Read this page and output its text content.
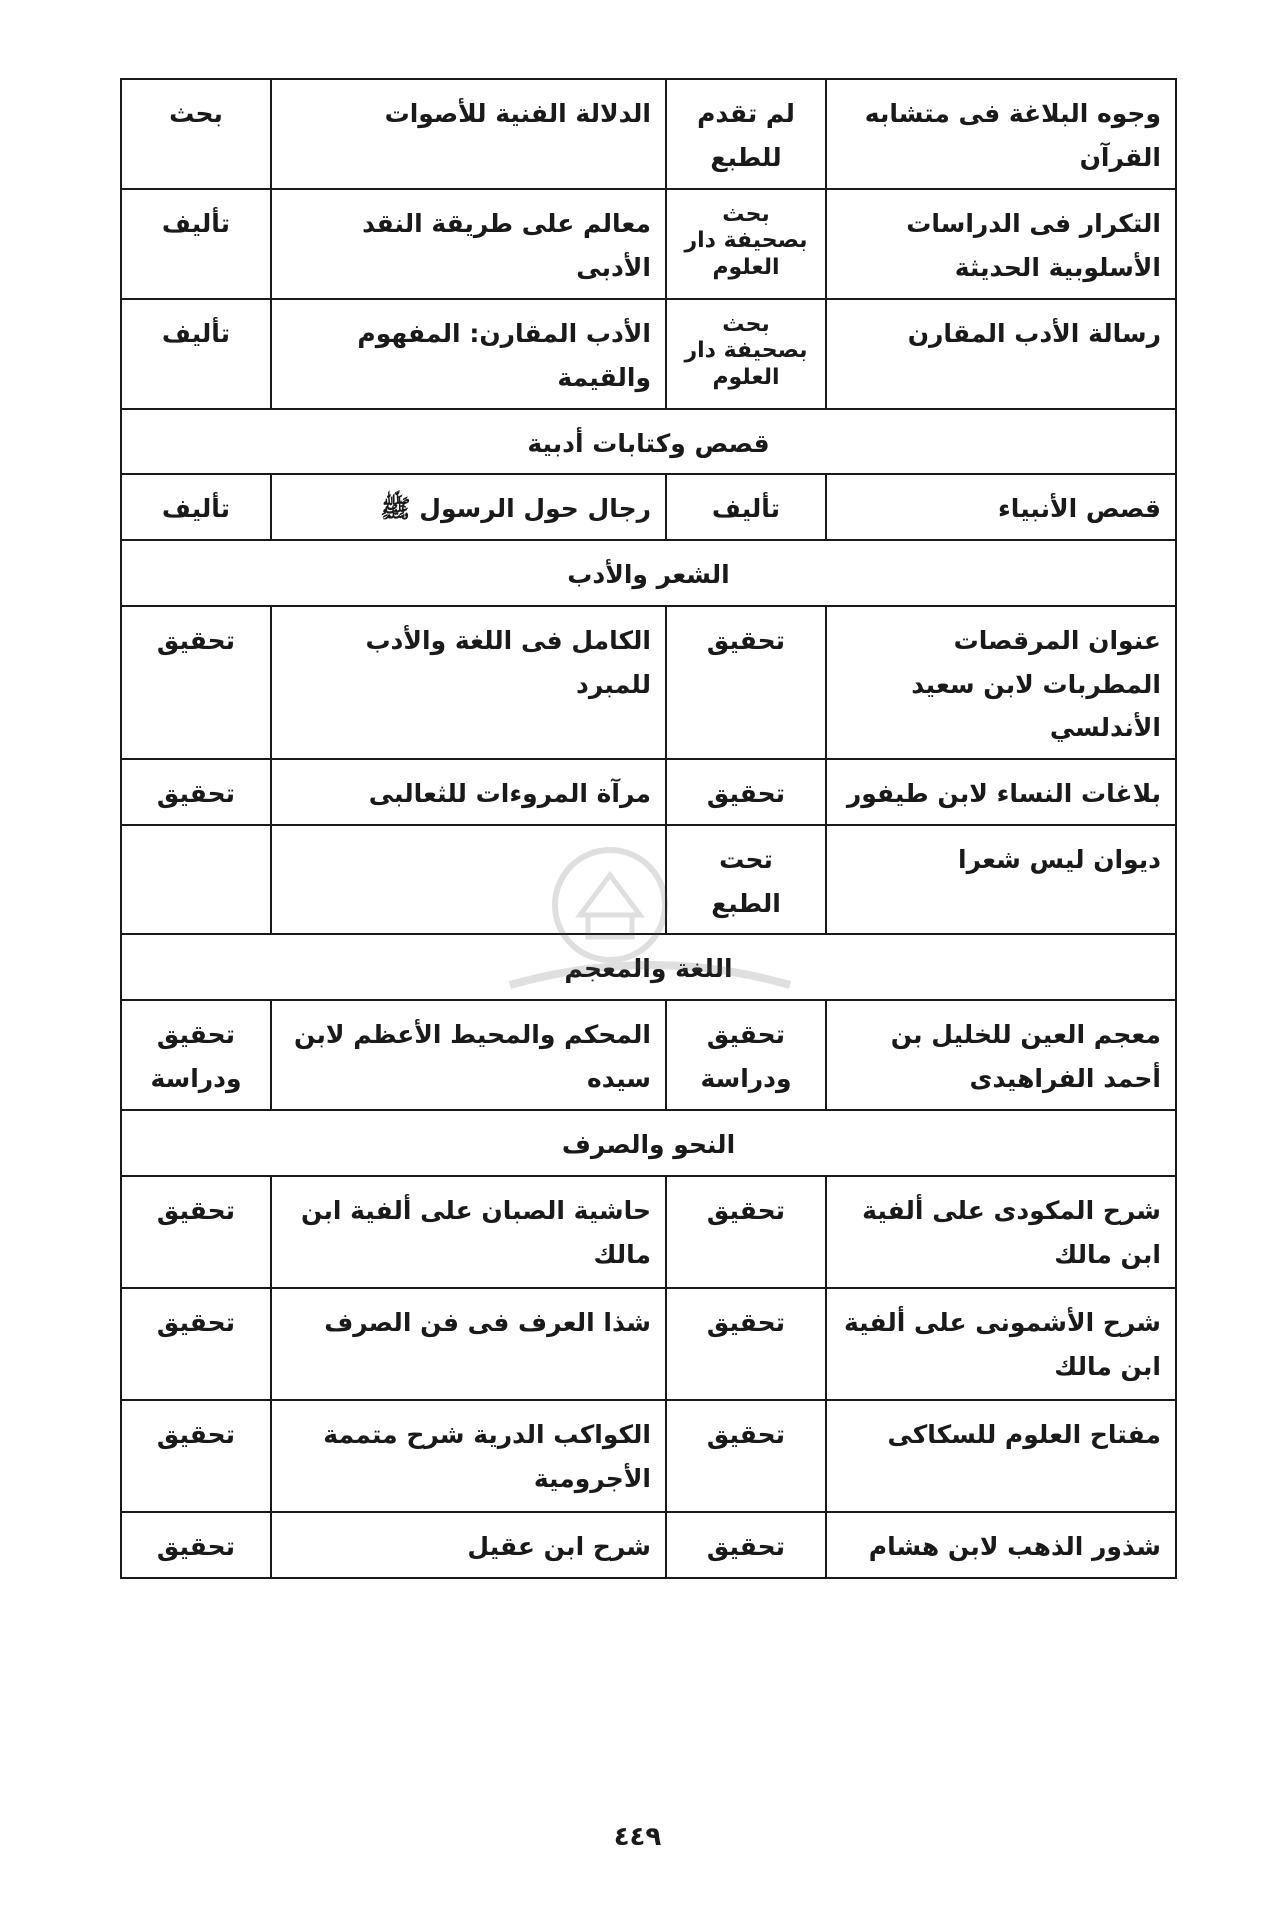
وجوه البلاغة فى متشابه القرآن	لم تقدم للطبع	الدلالة الفنية للأصوات	بحث
التكرار فى الدراسات الأسلوبية الحديثة	بحث بصحيفة دار العلوم	معالم على طريقة النقد الأدبى	تأليف
رسالة الأدب المقارن	بحث بصحيفة دار العلوم	الأدب المقارن: المفهوم والقيمة	تأليف
قصص وكتابات أدبية			
قصص الأنبياء	تأليف	رجال حول الرسول ﷺ	تأليف
الشعر والأدب			
عنوان المرقصات المطربات لابن سعيد الأندلسي	تحقيق	الكامل فى اللغة والأدب للمبرد	تحقيق
بلاغات النساء لابن طيفور	تحقيق	مرآة المروءات للثعالبى	تحقيق
ديوان ليس شعرا	تحت الطبع		
اللغة والمعجم			
معجم العين للخليل بن أحمد الفراهيدى	تحقيق ودراسة	المحكم والمحيط الأعظم لابن سيده	تحقيق ودراسة
النحو والصرف			
شرح المكودى على ألفية ابن مالك	تحقيق	حاشية الصبان على ألفية ابن مالك	تحقيق
شرح الأشمونى على ألفية ابن مالك	تحقيق	شذا العرف فى فن الصرف	تحقيق
مفتاح العلوم للسكاكى	تحقيق	الكواكب الدرية شرح متممة الأجرومية	تحقيق
شذور الذهب لابن هشام	تحقيق	شرح ابن عقيل	تحقيق
٤٤٩
